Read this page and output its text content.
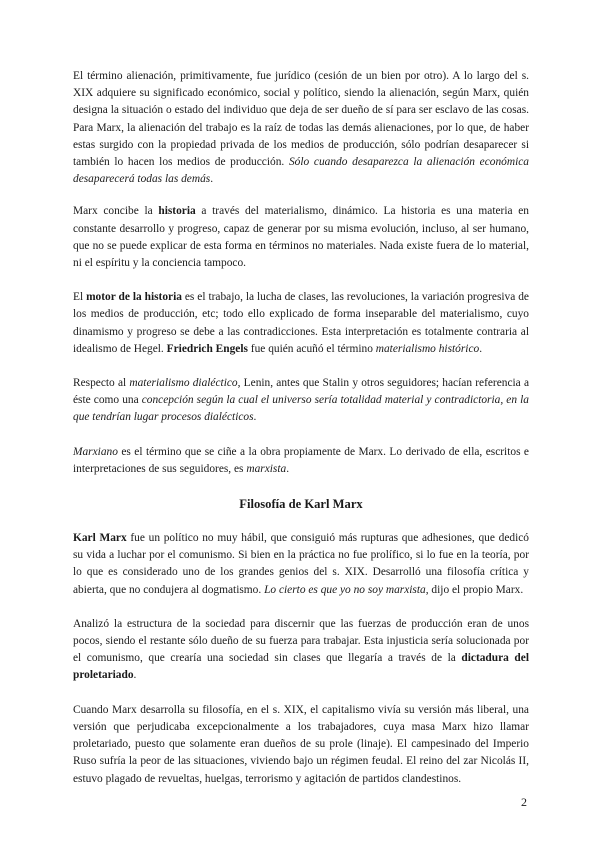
El término alienación, primitivamente, fue jurídico (cesión de un bien por otro). A lo largo del s. XIX adquiere su significado económico, social y político, siendo la alienación, según Marx, quién designa la situación o estado del individuo que deja de ser dueño de sí para ser esclavo de las cosas. Para Marx, la alienación del trabajo es la raíz de todas las demás alienaciones, por lo que, de haber estas surgido con la propiedad privada de los medios de producción, sólo podrían desaparecer si también lo hacen los medios de producción. Sólo cuando desaparezca la alienación económica desaparecerá todas las demás.

Marx concibe la historia a través del materialismo, dinámico. La historia es una materia en constante desarrollo y progreso, capaz de generar por su misma evolución, incluso, al ser humano, que no se puede explicar de esta forma en términos no materiales. Nada existe fuera de lo material, ni el espíritu y la conciencia tampoco.

El motor de la historia es el trabajo, la lucha de clases, las revoluciones, la variación progresiva de los medios de producción, etc; todo ello explicado de forma inseparable del materialismo, cuyo dinamismo y progreso se debe a las contradicciones. Esta interpretación es totalmente contraria al idealismo de Hegel. Friedrich Engels fue quién acuñó el término materialismo histórico.

Respecto al materialismo dialéctico, Lenin, antes que Stalin y otros seguidores; hacían referencia a éste como una concepción según la cual el universo sería totalidad material y contradictoria, en la que tendrían lugar procesos dialécticos.

Marxiano es el término que se ciñe a la obra propiamente de Marx. Lo derivado de ella, escritos e interpretaciones de sus seguidores, es marxista.

Filosofía de Karl Marx

Karl Marx fue un político no muy hábil, que consiguió más rupturas que adhesiones, que dedicó su vida a luchar por el comunismo. Si bien en la práctica no fue prolífico, si lo fue en la teoría, por lo que es considerado uno de los grandes genios del s. XIX. Desarrolló una filosofía crítica y abierta, que no condujera al dogmatismo. Lo cierto es que yo no soy marxista, dijo el propio Marx.

Analizó la estructura de la sociedad para discernir que las fuerzas de producción eran de unos pocos, siendo el restante sólo dueño de su fuerza para trabajar. Esta injusticia sería solucionada por el comunismo, que crearía una sociedad sin clases que llegaría a través de la dictadura del proletariado.

Cuando Marx desarrolla su filosofía, en el s. XIX, el capitalismo vivía su versión más liberal, una versión que perjudicaba excepcionalmente a los trabajadores, cuya masa Marx hizo llamar proletariado, puesto que solamente eran dueños de su prole (linaje). El campesinado del Imperio Ruso sufría la peor de las situaciones, viviendo bajo un régimen feudal. El reino del zar Nicolás II, estuvo plagado de revueltas, huelgas, terrorismo y agitación de partidos clandestinos.

2
